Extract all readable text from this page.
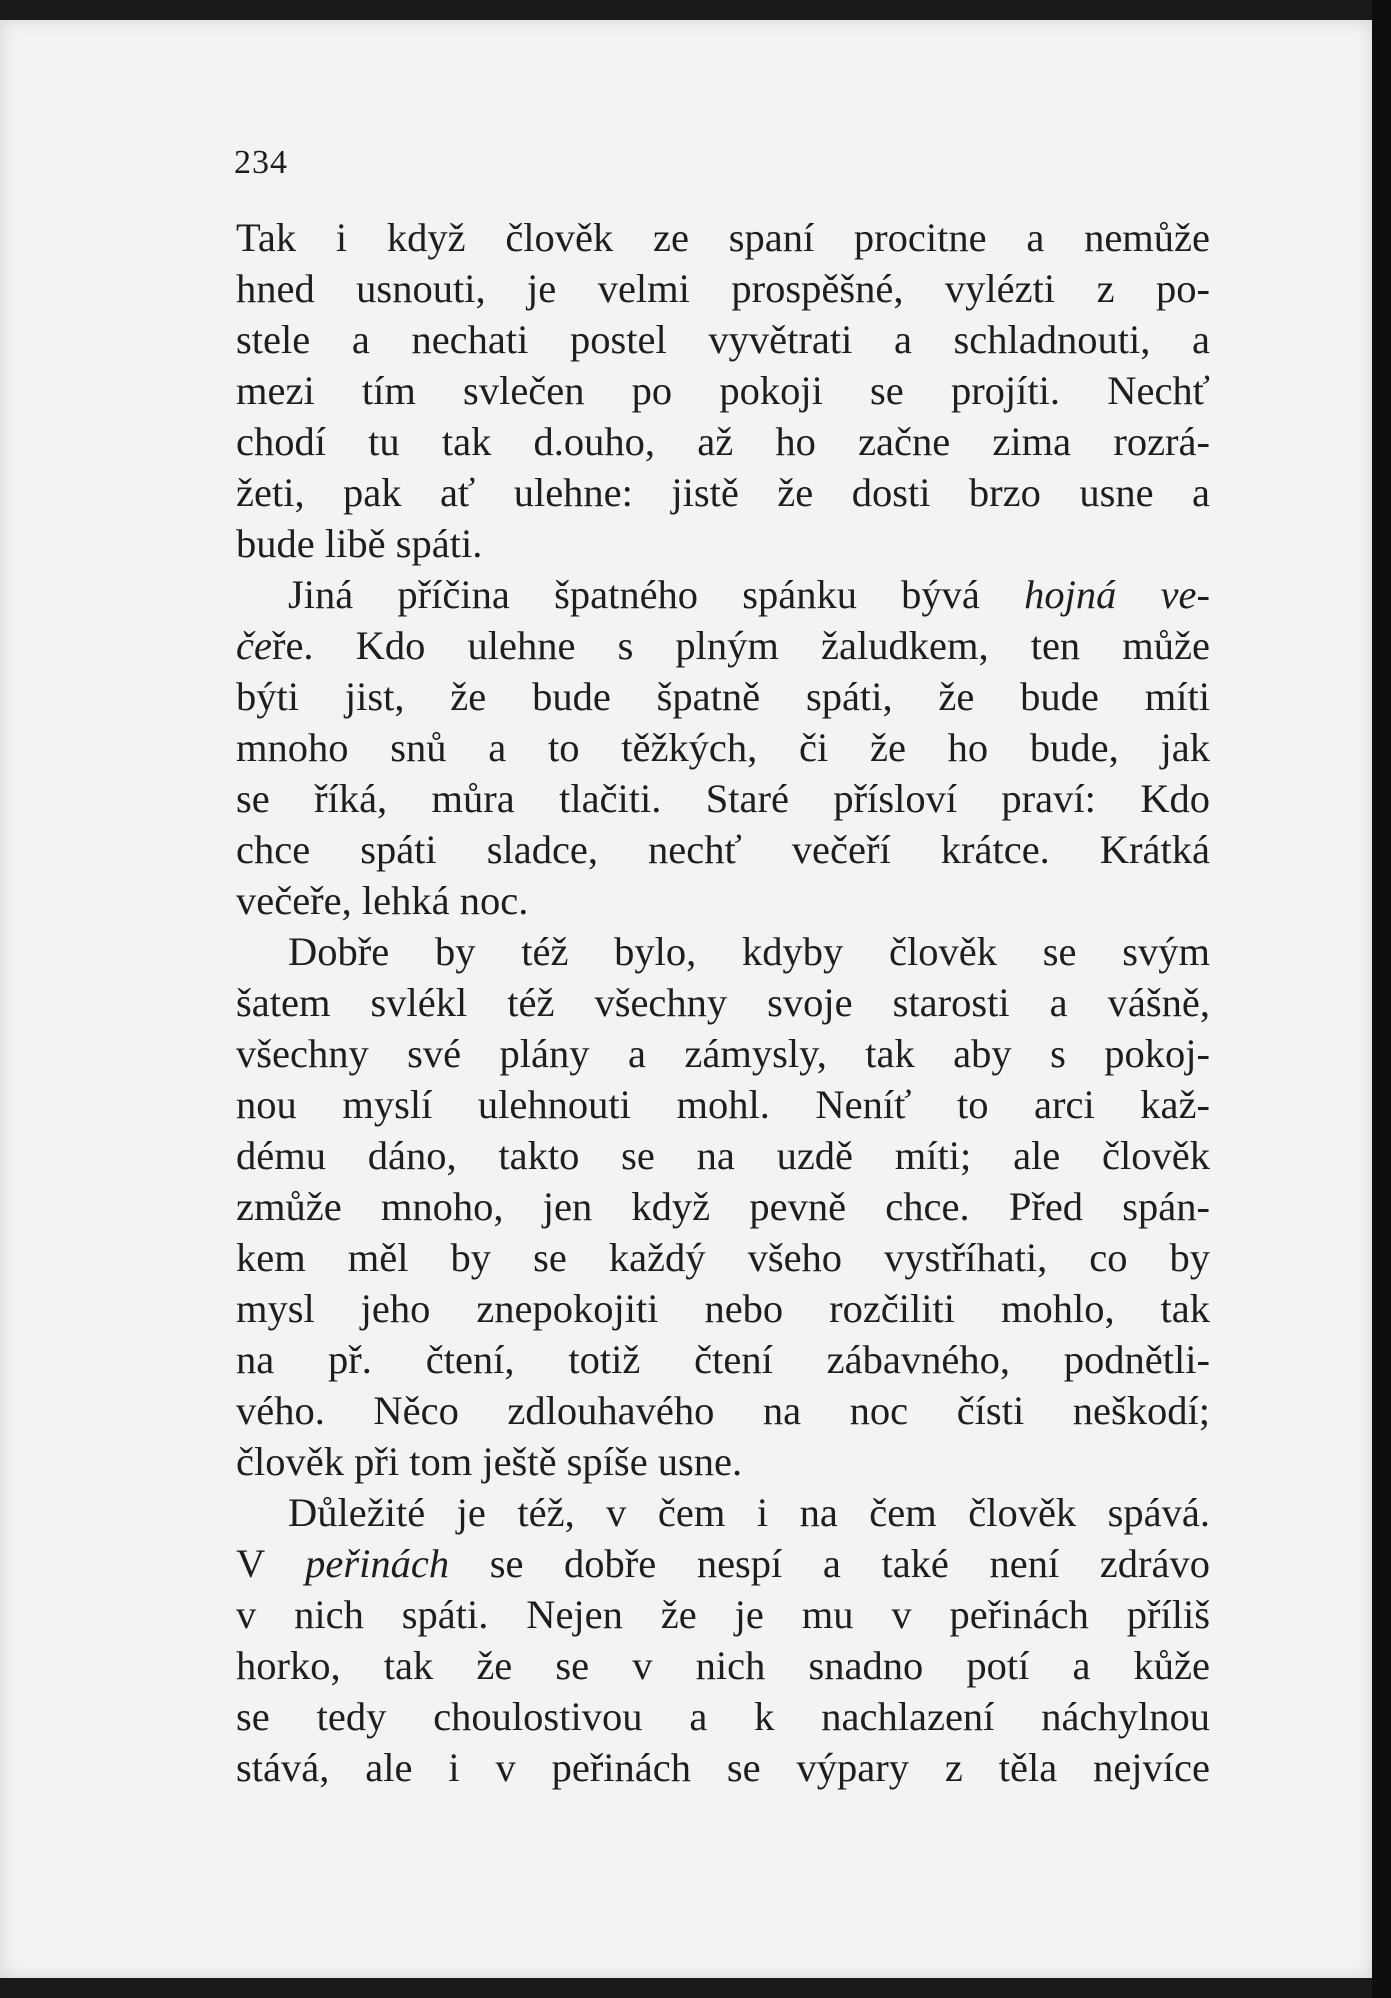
234
Tak i když člověk ze spaní procitne a nemůže
hned usnouti, je velmi prospěšné, vylézti z po-
stele a nechati postel vyvětrati a schladnouti, a
mezi tím svlečen po pokoji se projíti. Nechť
chodí tu tak d.ouho, až ho začne zima rozrá-
žeti, pak ať ulehne: jistě že dosti brzo usne a
bude libě spáti.
Jiná příčina špatného spánku bývá hojná ve-
čeře. Kdo ulehne s plným žaludkem, ten může
býti jist, že bude špatně spáti, že bude míti
mnoho snů a to těžkých, či že ho bude, jak
se říká, můra tlačiti. Staré přísloví praví: Kdo
chce spáti sladce, nechť večeří krátce. Krátká
večeře, lehká noc.
Dobře by též bylo, kdyby člověk se svým
šatem svlékl též všechny svoje starosti a vášně,
všechny své plány a zámysly, tak aby s pokoj-
nou myslí ulehnouti mohl. Neníť to arci kaž-
dému dáno, takto se na uzdě míti; ale člověk
zmůže mnoho, jen když pevně chce. Před spán-
kem měl by se každý všeho vystříhati, co by
mysl jeho znepokojiti nebo rozčiliti mohlo, tak
na př. čtení, totiž čtení zábavného, podnětli-
vého. Něco zdlouhavého na noc čísti neškodí;
člověk při tom ještě spíše usne.
Důležité je též, v čem i na čem člověk spává.
V peřinách se dobře nespí a také není zdrávo
v nich spáti. Nejen že je mu v peřinách příliš
horko, tak že se v nich snadno potí a kůže
se tedy choulostivou a k nachlazení náchylnou
stává, ale i v peřinách se výpary z těla nejvíce
